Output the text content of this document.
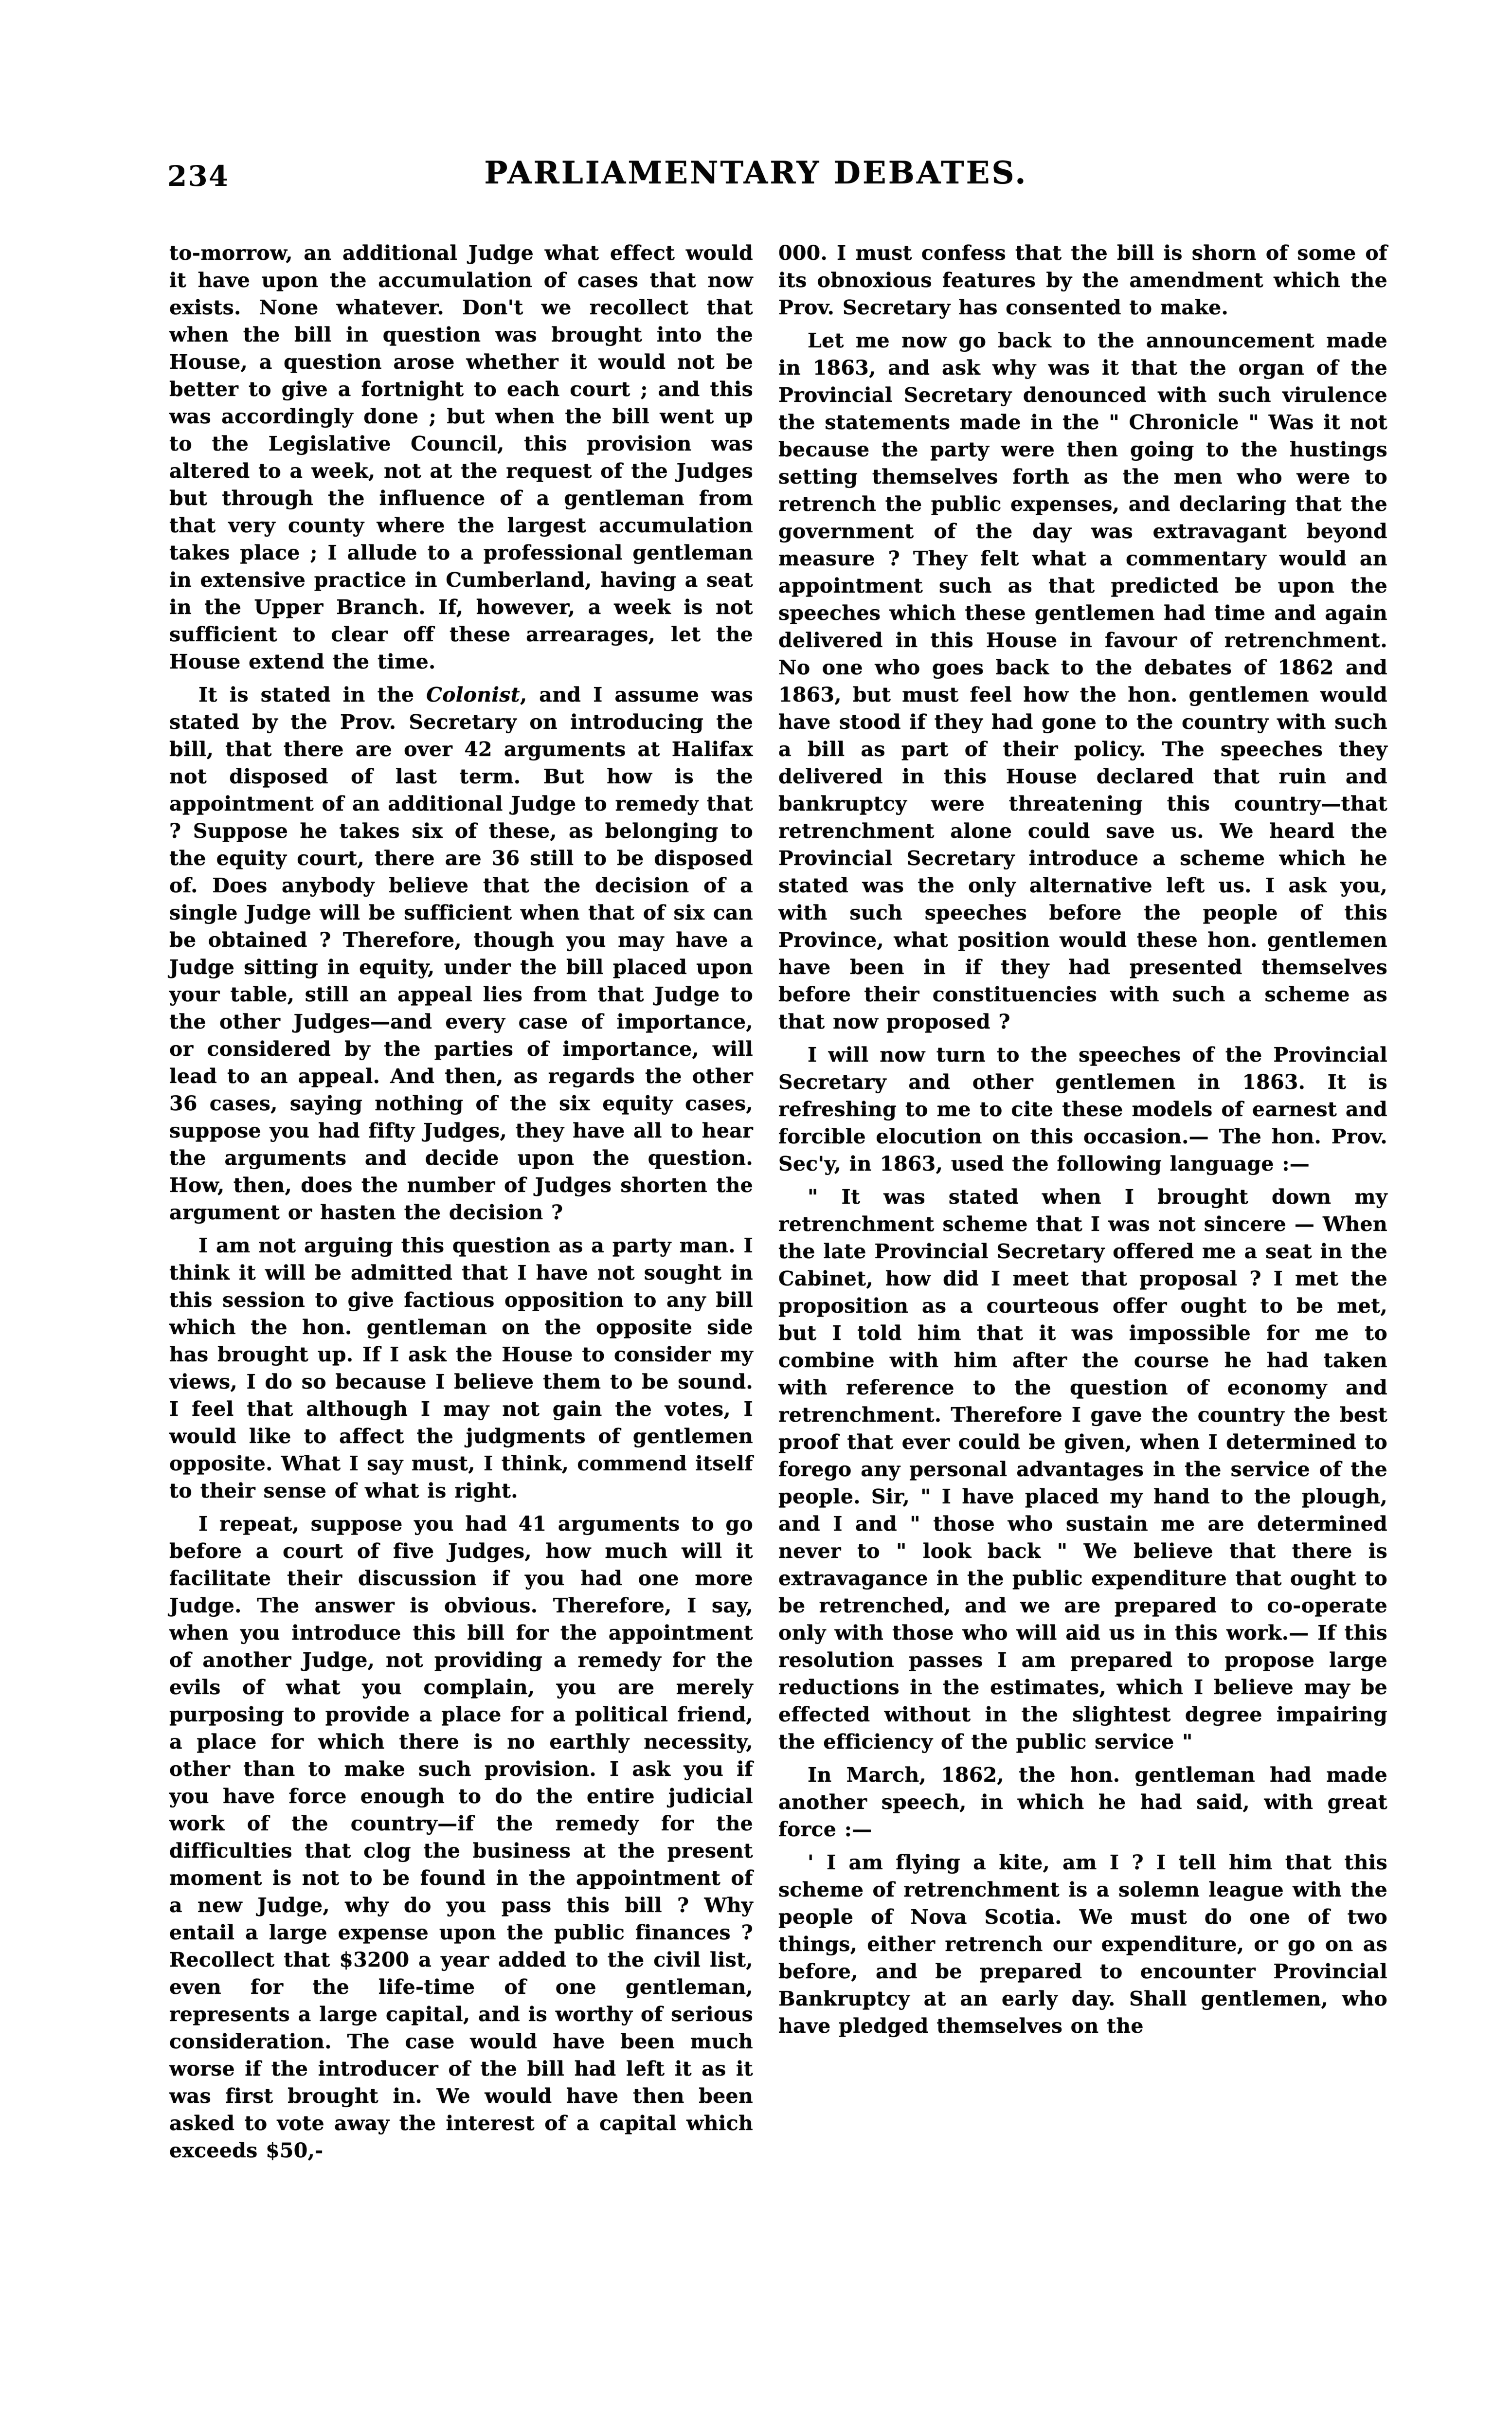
234	PARLIAMENTARY DEBATES.

to-morrow, an additional Judge what effect would it have upon the accumulation of cases that now exists. None whatever. Don't we recollect that when the bill in question was brought into the House, a question arose whether it would not be better to give a fortnight to each court ; and this was accordingly done ; but when the bill went up to the Legislative Council, this provision was altered to a week, not at the request of the Judges but through the influence of a gentleman from that very county where the largest accumulation takes place ; I allude to a professional gentleman in extensive practice in Cumberland, having a seat in the Upper Branch. If, however, a week is not sufficient to clear off these arrearages, let the House extend the time.

It is stated in the Colonist, and I assume was stated by the Prov. Secretary on introducing the bill, that there are over 42 arguments at Halifax not disposed of last term. But how is the appointment of an additional Judge to remedy that ? Suppose he takes six of these, as belonging to the equity court, there are 36 still to be disposed of. Does anybody believe that the decision of a single Judge will be sufficient when that of six can be obtained ? Therefore, though you may have a Judge sitting in equity, under the bill placed upon your table, still an appeal lies from that Judge to the other Judges—and every case of importance, or considered by the parties of importance, will lead to an appeal. And then, as regards the other 36 cases, saying nothing of the six equity cases, suppose you had fifty Judges, they have all to hear the arguments and decide upon the question. How, then, does the number of Judges shorten the argument or hasten the decision ?

I am not arguing this question as a party man. I think it will be admitted that I have not sought in this session to give factious opposition to any bill which the hon. gentleman on the opposite side has brought up. If I ask the House to consider my views, I do so because I believe them to be sound. I feel that although I may not gain the votes, I would like to affect the judgments of gentlemen opposite. What I say must, I think, commend itself to their sense of what is right.

I repeat, suppose you had 41 arguments to go before a court of five Judges, how much will it facilitate their discussion if you had one more Judge. The answer is obvious. Therefore, I say, when you introduce this bill for the appointment of another Judge, not providing a remedy for the evils of what you complain, you are merely purposing to provide a place for a political friend, a place for which there is no earthly necessity, other than to make such provision. I ask you if you have force enough to do the entire judicial work of the country—if the remedy for the difficulties that clog the business at the present moment is not to be found in the appointment of a new Judge, why do you pass this bill ? Why entail a large expense upon the public finances ? Recollect that $3200 a year added to the civil list, even for the life-time of one gentleman, represents a large capital, and is worthy of serious consideration. The case would have been much worse if the introducer of the bill had left it as it was first brought in. We would have then been asked to vote away the interest of a capital which exceeds $50,-

000. I must confess that the bill is shorn of some of its obnoxious features by the amendment which the Prov. Secretary has consented to make.

Let me now go back to the announcement made in 1863, and ask why was it that the organ of the Provincial Secretary denounced with such virulence the statements made in the " Chronicle " Was it not because the party were then going to the hustings setting themselves forth as the men who were to retrench the public expenses, and declaring that the government of the day was extravagant beyond measure ? They felt what a commentary would an appointment such as that predicted be upon the speeches which these gentlemen had time and again delivered in this House in favour of retrenchment. No one who goes back to the debates of 1862 and 1863, but must feel how the hon. gentlemen would have stood if they had gone to the country with such a bill as part of their policy. The speeches they delivered in this House declared that ruin and bankruptcy were threatening this country—that retrenchment alone could save us. We heard the Provincial Secretary introduce a scheme which he stated was the only alternative left us. I ask you, with such speeches before the people of this Province, what position would these hon. gentlemen have been in if they had presented themselves before their constituencies with such a scheme as that now proposed ?

I will now turn to the speeches of the Provincial Secretary and other gentlemen in 1863. It is refreshing to me to cite these models of earnest and forcible elocution on this occasion.— The hon. Prov. Sec'y, in 1863, used the following language :—

" It was stated when I brought down my retrenchment scheme that I was not sincere — When the late Provincial Secretary offered me a seat in the Cabinet, how did I meet that proposal ? I met the proposition as a courteous offer ought to be met, but I told him that it was impossible for me to combine with him after the course he had taken with reference to the question of economy and retrenchment. Therefore I gave the country the best proof that ever could be given, when I determined to forego any personal advantages in the service of the people. Sir, " I have placed my hand to the plough, and I and " those who sustain me are determined never to " look back " We believe that there is extravagance in the public expenditure that ought to be retrenched, and we are prepared to co-operate only with those who will aid us in this work.— If this resolution passes I am prepared to propose large reductions in the estimates, which I believe may be effected without in the slightest degree impairing the efficiency of the public service "

In March, 1862, the hon. gentleman had made another speech, in which he had said, with great force :—

' I am flying a kite, am I ? I tell him that this scheme of retrenchment is a solemn league with the people of Nova Scotia. We must do one of two things, either retrench our expenditure, or go on as before, and be prepared to encounter Provincial Bankruptcy at an early day. Shall gentlemen, who have pledged themselves on the
